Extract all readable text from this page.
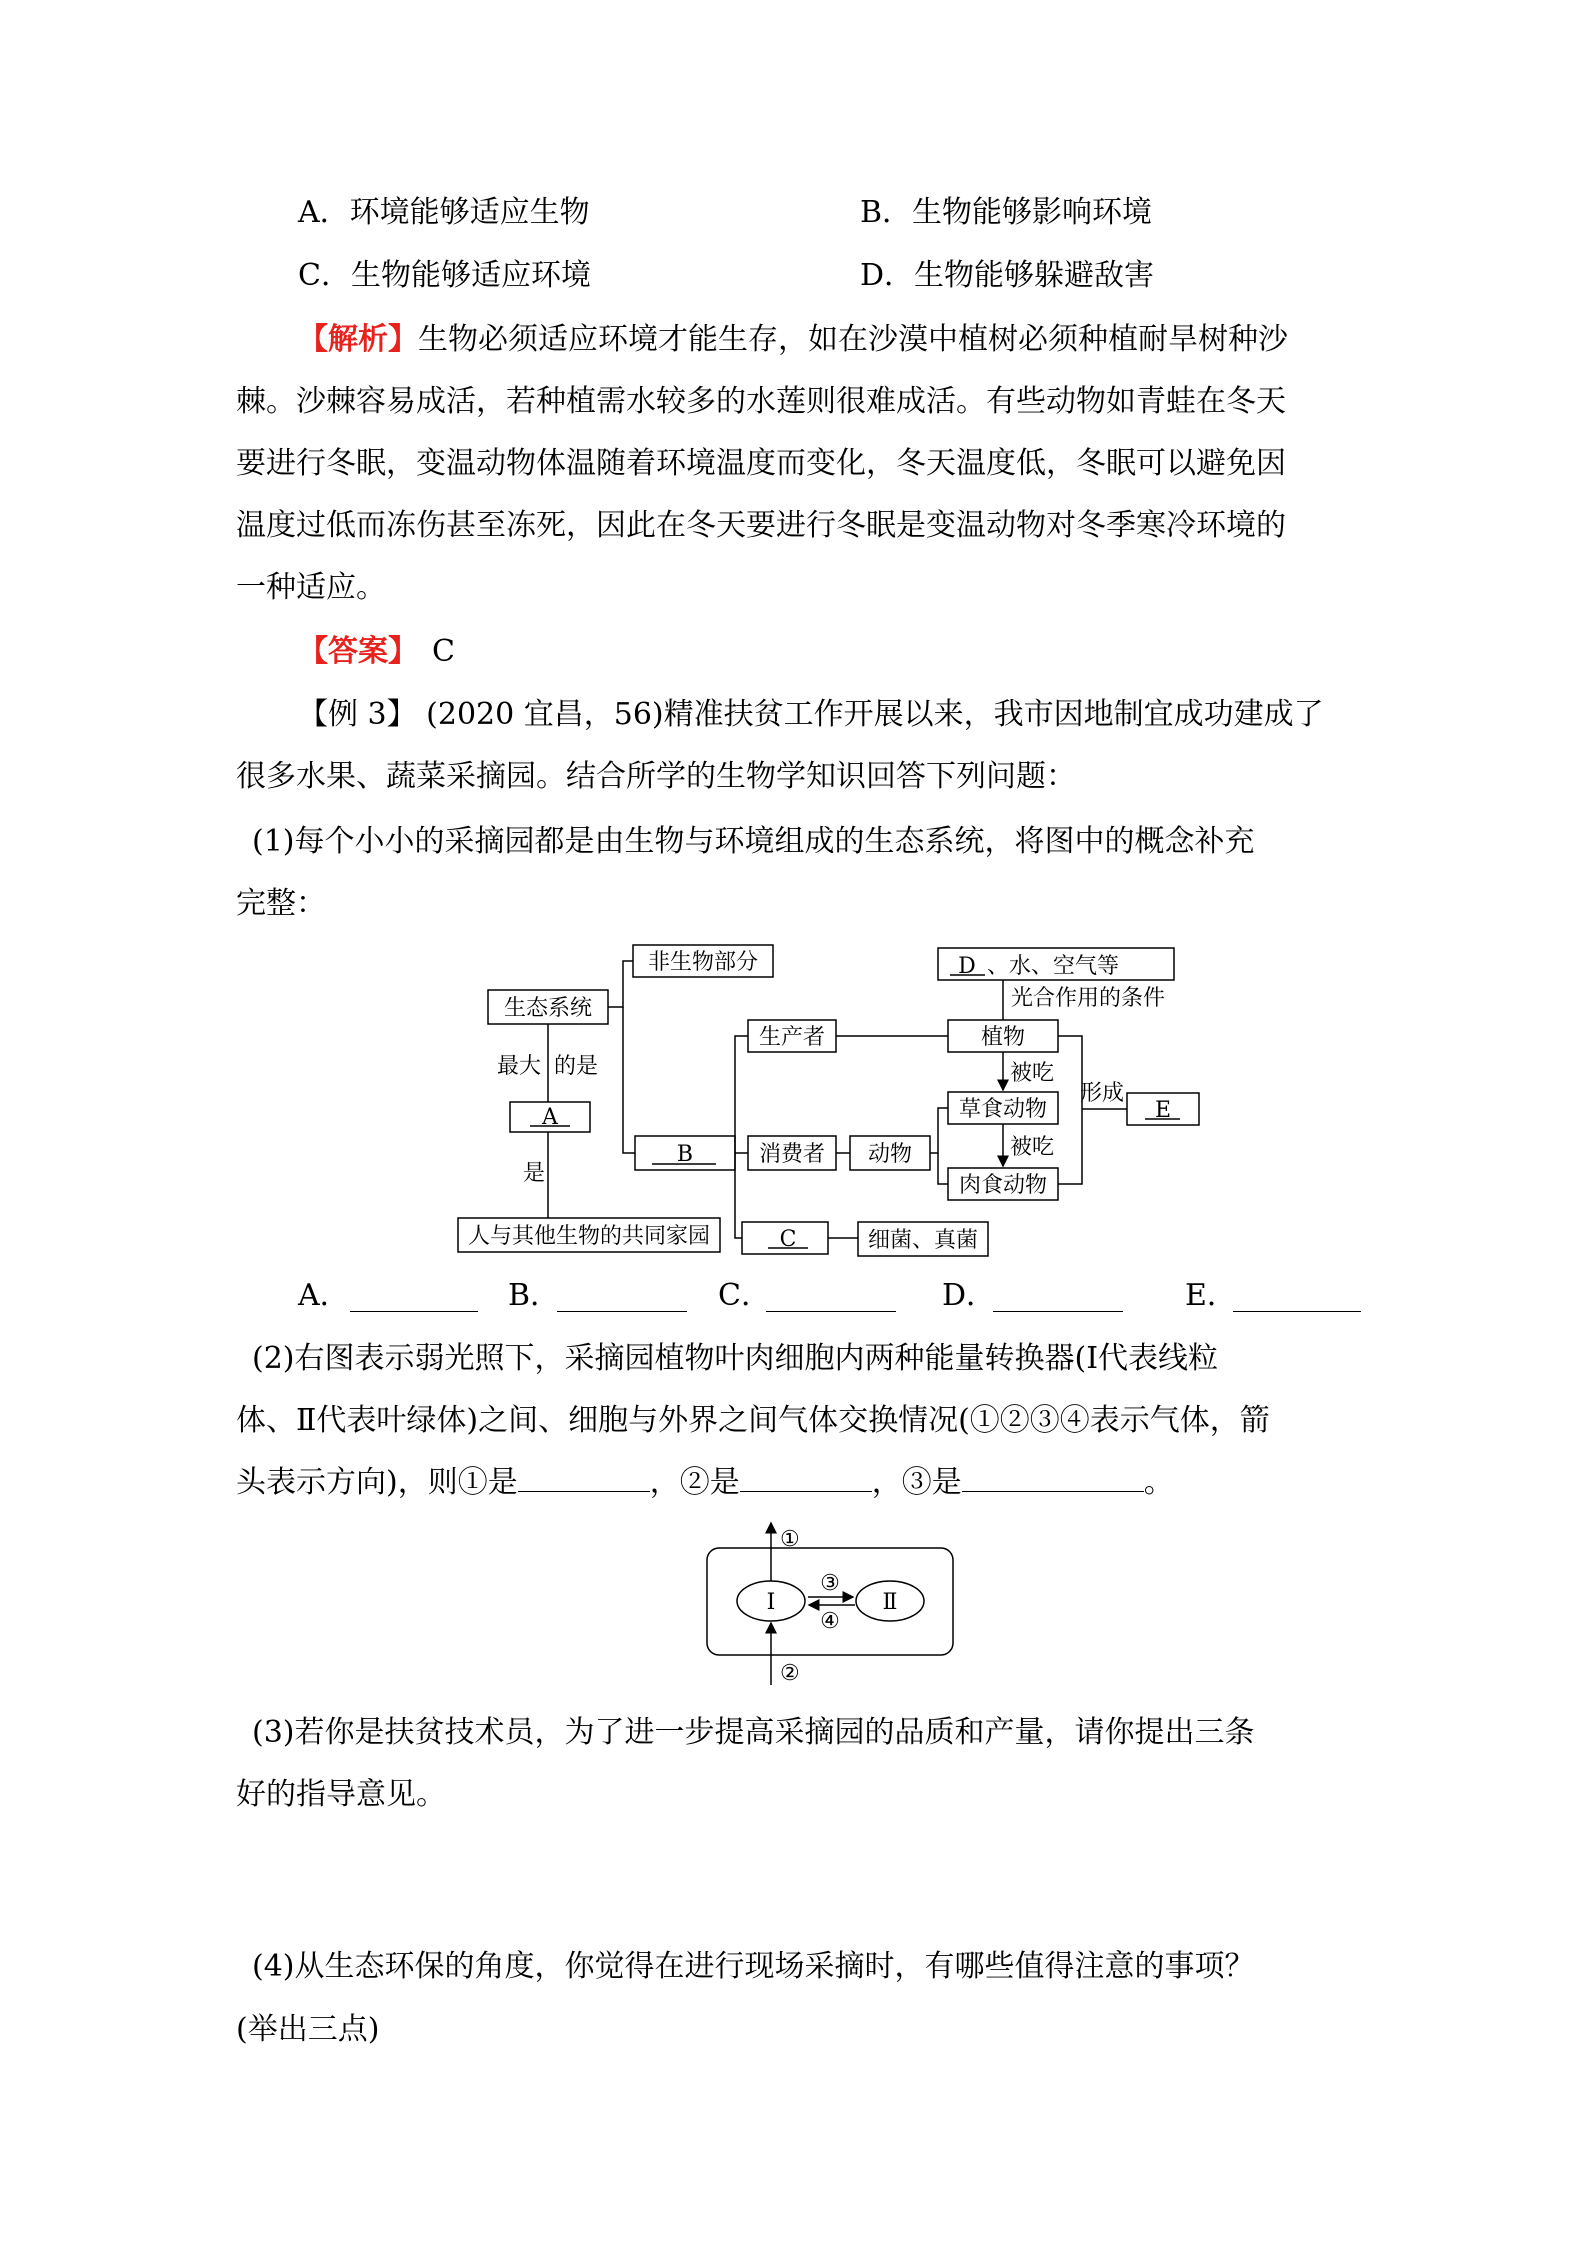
A．环境能够适应生物	B．生物能够影响环境
C．生物能够适应环境	D．生物能够躲避敌害
【解析】生物必须适应环境才能生存，如在沙漠中植树必须种植耐旱树种沙
棘。沙棘容易成活，若种植需水较多的水莲则很难成活。有些动物如青蛙在冬天
要进行冬眠，变温动物体温随着环境温度而变化，冬天温度低，冬眠可以避免因
温度过低而冻伤甚至冻死，因此在冬天要进行冬眠是变温动物对冬季寒冷环境的
一种适应。
【答案】 C
【例 3】 (2020 宜昌，56)精准扶贫工作开展以来，我市因地制宜成功建成了
很多水果、蔬菜采摘园。结合所学的生物学知识回答下列问题：
(1)每个小小的采摘园都是由生物与环境组成的生态系统，将图中的概念补充
完整：
生态系统
非生物部分
最大 的是
A
是
人与其他生物的共同家园
B
生产者
消费者
C
动物
细菌、真菌
D 、水、空气等
光合作用的条件
植物
被吃
草食动物
被吃
肉食动物
形成
E
A．	B．	C．	D．	E．
(2)右图表示弱光照下，采摘园植物叶肉细胞内两种能量转换器(Ⅰ代表线粒
体、Ⅱ代表叶绿体)之间、细胞与外界之间气体交换情况(①②③④表示气体，箭
头表示方向)，则①是	，②是	，③是	。
①
②
③
④
Ⅰ	Ⅱ
(3)若你是扶贫技术员，为了进一步提高采摘园的品质和产量，请你提出三条
好的指导意见。
(4)从生态环保的角度，你觉得在进行现场采摘时，有哪些值得注意的事项？
(举出三点)
